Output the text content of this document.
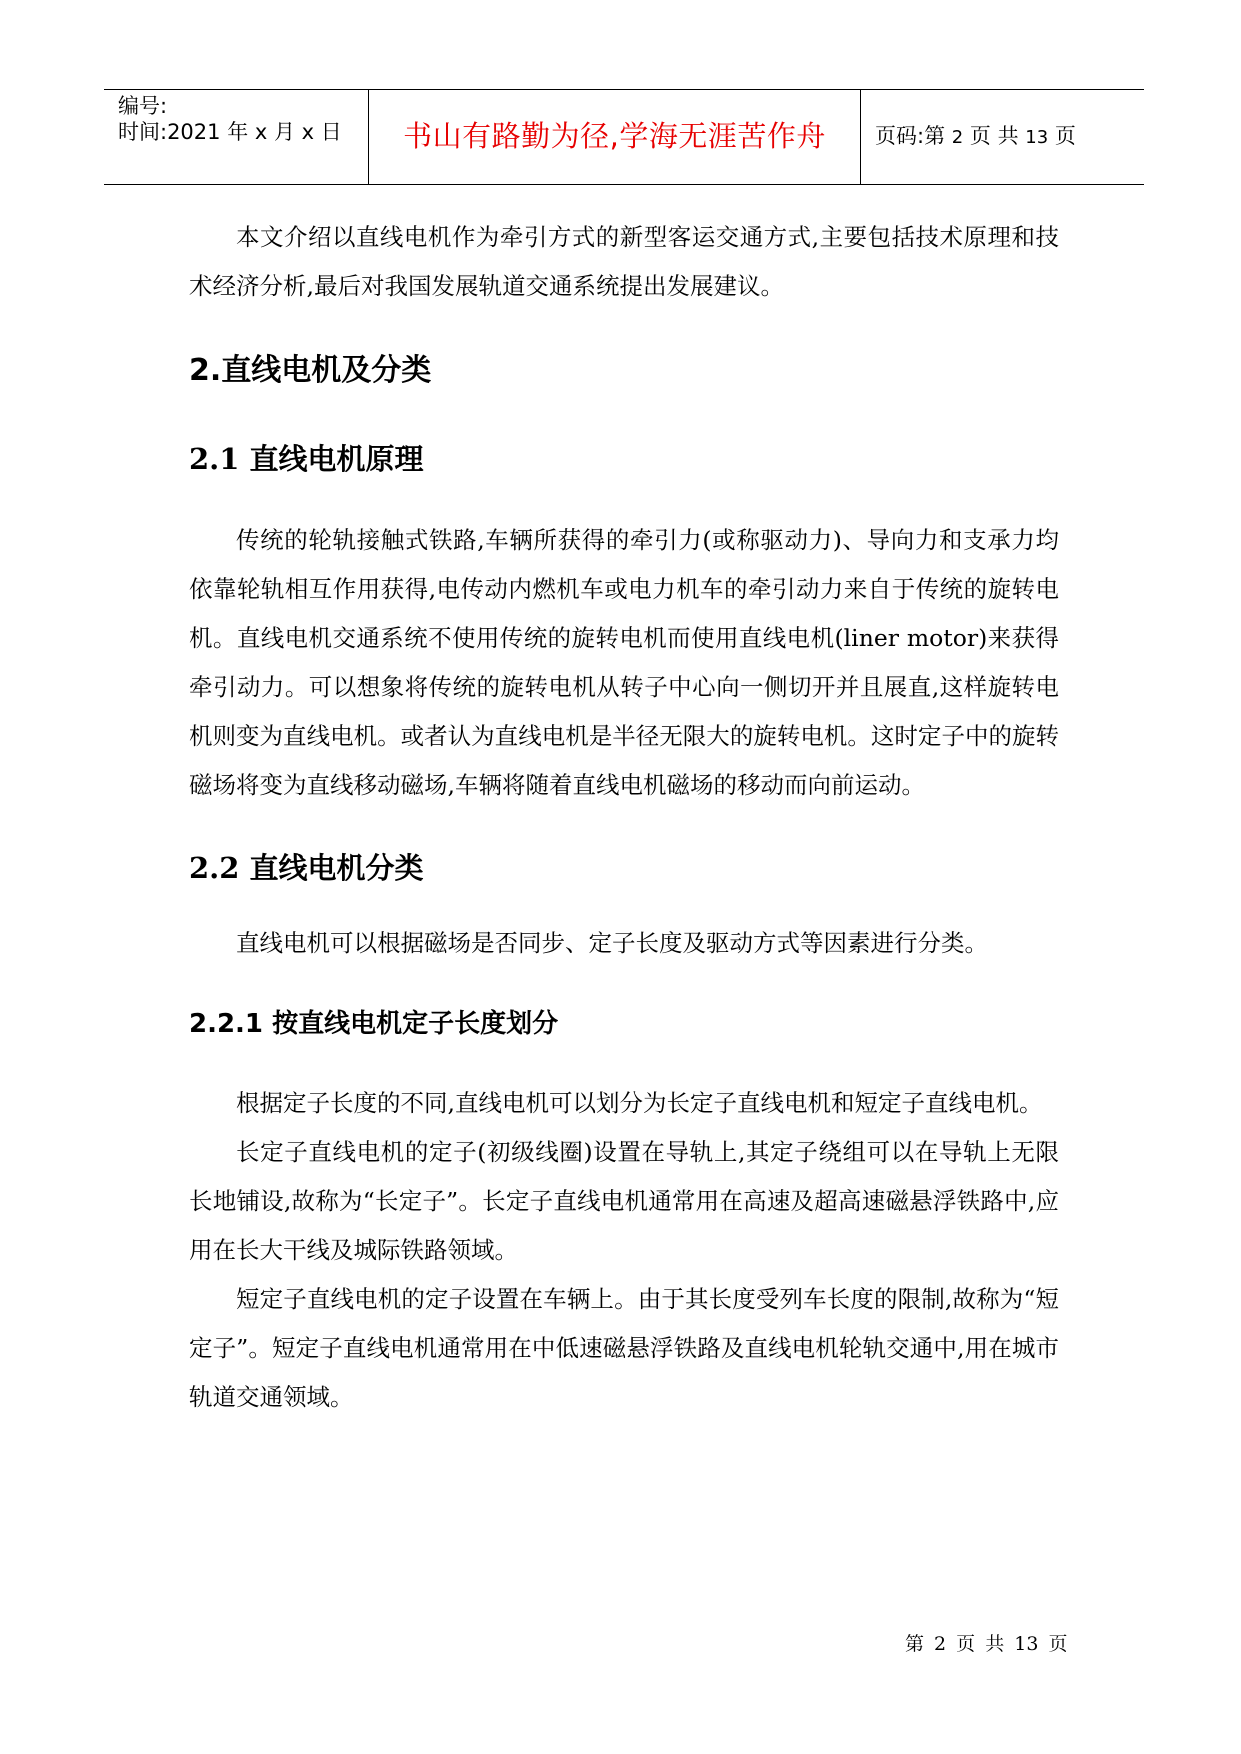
编号:
时间:2021 年 x 月 x 日	书山有路勤为径,学海无涯苦作舟	页码:第 2 页 共 13 页

本文介绍以直线电机作为牵引方式的新型客运交通方式,主要包括技术原理和技术经济分析,最后对我国发展轨道交通系统提出发展建议。

2.直线电机及分类
2.1 直线电机原理

传统的轮轨接触式铁路,车辆所获得的牵引力(或称驱动力)、导向力和支承力均依靠轮轨相互作用获得,电传动内燃机车或电力机车的牵引动力来自于传统的旋转电机。直线电机交通系统不使用传统的旋转电机而使用直线电机(liner motor)来获得牵引动力。可以想象将传统的旋转电机从转子中心向一侧切开并且展直,这样旋转电机则变为直线电机。或者认为直线电机是半径无限大的旋转电机。这时定子中的旋转磁场将变为直线移动磁场,车辆将随着直线电机磁场的移动而向前运动。

2.2 直线电机分类

直线电机可以根据磁场是否同步、定子长度及驱动方式等因素进行分类。

2.2.1 按直线电机定子长度划分

根据定子长度的不同,直线电机可以划分为长定子直线电机和短定子直线电机。

长定子直线电机的定子(初级线圈)设置在导轨上,其定子绕组可以在导轨上无限长地铺设,故称为“长定子”。长定子直线电机通常用在高速及超高速磁悬浮铁路中,应用在长大干线及城际铁路领域。

短定子直线电机的定子设置在车辆上。由于其长度受列车长度的限制,故称为“短定子”。短定子直线电机通常用在中低速磁悬浮铁路及直线电机轮轨交通中,用在城市轨道交通领域。

第 2 页 共 13 页
